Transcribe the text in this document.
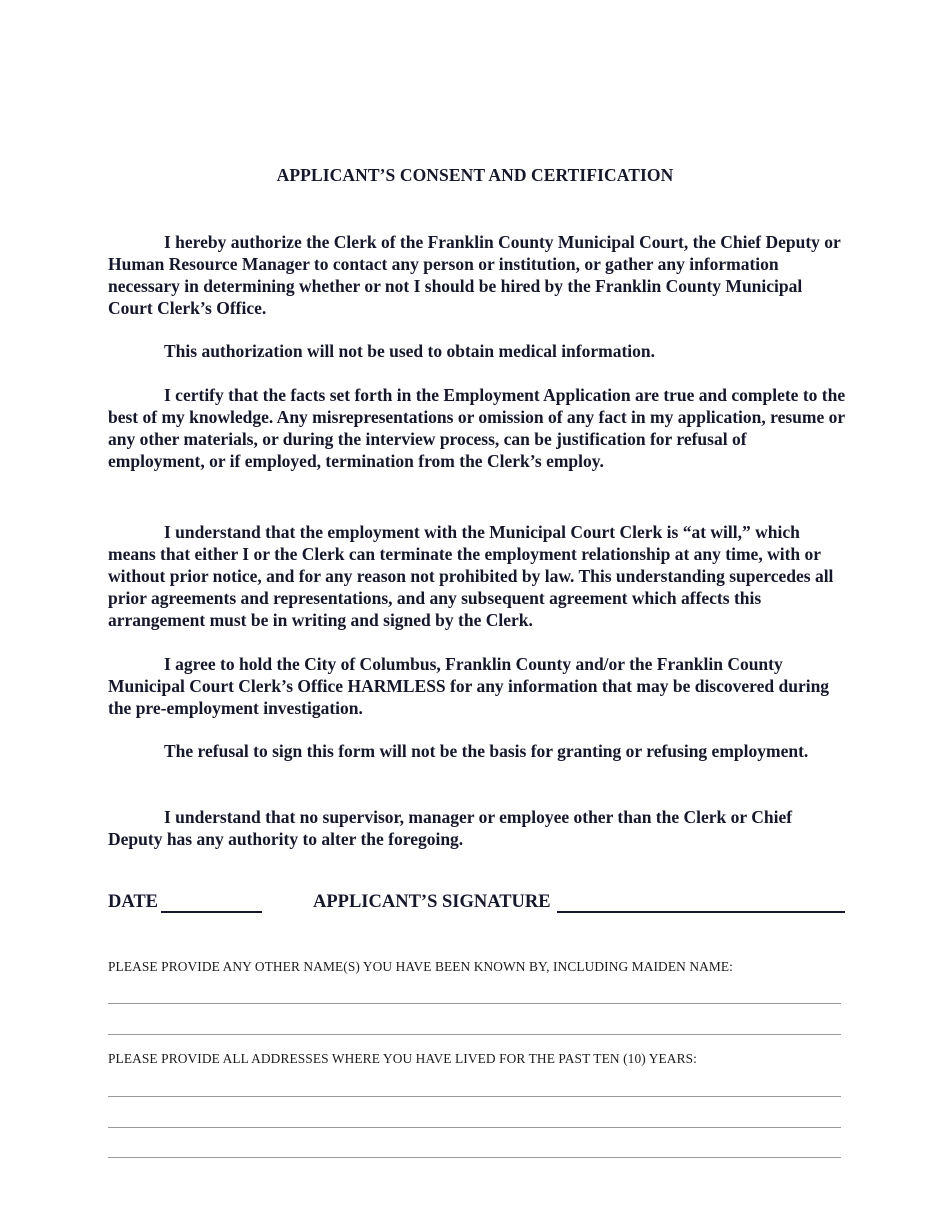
APPLICANT’S CONSENT AND CERTIFICATION
I hereby authorize the Clerk of the Franklin County Municipal Court, the Chief Deputy or Human Resource Manager to contact any person or institution, or gather any information necessary in determining whether or not I should be hired by the Franklin County Municipal Court Clerk’s Office.
This authorization will not be used to obtain medical information.
I certify that the facts set forth in the Employment Application are true and complete to the best of my knowledge. Any misrepresentations or omission of any fact in my application, resume or any other materials, or during the interview process, can be justification for refusal of employment, or if employed, termination from the Clerk’s employ.
I understand that the employment with the Municipal Court Clerk is “at will,” which means that either I or the Clerk can terminate the employment relationship at any time, with or without prior notice, and for any reason not prohibited by law. This understanding supercedes all prior agreements and representations, and any subsequent agreement which affects this arrangement must be in writing and signed by the Clerk.
I agree to hold the City of Columbus, Franklin County and/or the Franklin County Municipal Court Clerk’s Office HARMLESS for any information that may be discovered during the pre-employment investigation.
The refusal to sign this form will not be the basis for granting or refusing employment.
I understand that no supervisor, manager or employee other than the Clerk or Chief Deputy has any authority to alter the foregoing.
DATE	APPLICANT’S SIGNATURE
PLEASE PROVIDE ANY OTHER NAME(S) YOU HAVE BEEN KNOWN BY, INCLUDING MAIDEN NAME:
PLEASE PROVIDE ALL ADDRESSES WHERE YOU HAVE LIVED FOR THE PAST TEN (10) YEARS:
